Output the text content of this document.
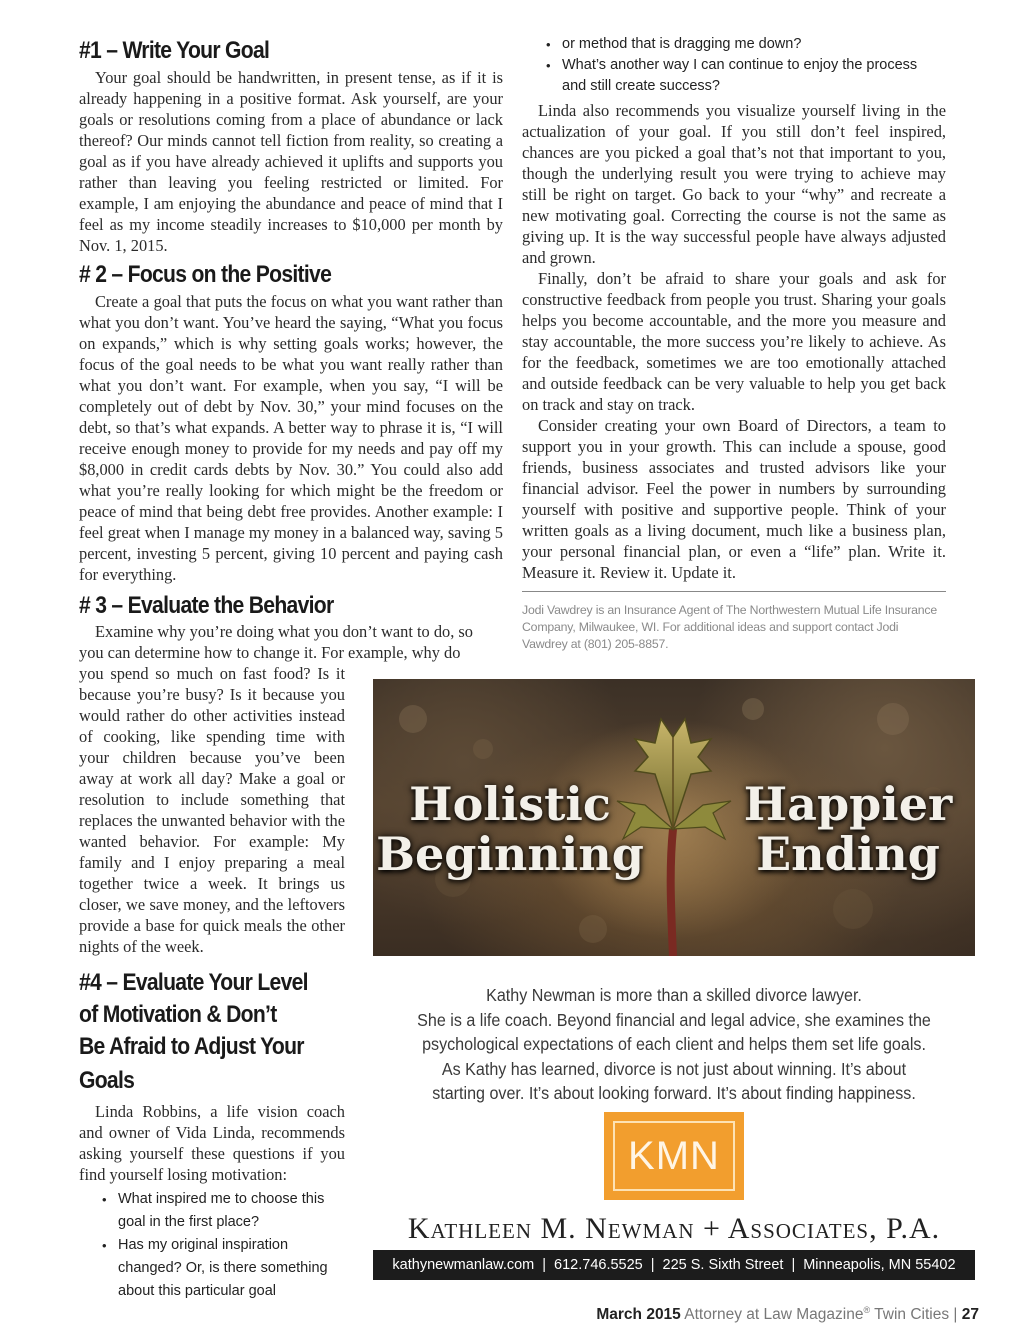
#1 – Write Your Goal

Your goal should be handwritten, in present tense, as if it is already happening in a positive format. Ask yourself, are your goals or resolutions coming from a place of abundance or lack thereof? Our minds cannot tell fiction from reality, so creating a goal as if you have already achieved it uplifts and supports you rather than leaving you feeling restricted or limited. For example, I am enjoying the abundance and peace of mind that I feel as my income steadily increases to $10,000 per month by Nov. 1, 2015.

# 2 – Focus on the Positive

Create a goal that puts the focus on what you want rather than what you don’t want. You’ve heard the saying, “What you focus on expands,” which is why setting goals works; however, the focus of the goal needs to be what you want really rather than what you don’t want. For example, when you say, “I will be completely out of debt by Nov. 30,” your mind focuses on the debt, so that’s what expands. A better way to phrase it is, “I will receive enough money to provide for my needs and pay off my $8,000 in credit cards debts by Nov. 30.” You could also add what you’re really looking for which might be the freedom or peace of mind that being debt free provides. Another example: I feel great when I manage my money in a balanced way, saving 5 percent, investing 5 percent, giving 10 percent and paying cash for everything.

# 3 – Evaluate the Behavior
Examine why you’re doing what you don’t want to do, so
you can determine how to change it. For example, why do

you spend so much on fast food? Is it because you’re busy? Is it because you would rather do other activities instead of cooking, like spending time with your children because you’ve been away at work all day? Make a goal or resolution to include something that replaces the unwanted behavior with the wanted behavior. For example: My family and I enjoy preparing a meal together twice a week. It brings us closer, we save money, and the leftovers provide a base for quick meals the other nights of the week.

#4 – Evaluate Your Level
of Motivation & Don’t
Be Afraid to Adjust Your
Goals

Linda Robbins, a life vision coach and owner of Vida Linda, recommends asking yourself these questions if you find yourself losing motivation:

• What inspired me to choose this goal in the first place?
• Has my original inspiration changed? Or, is there something about this particular goal
• or method that is dragging me down?
• What’s another way I can continue to enjoy the process and still create success?

Linda also recommends you visualize yourself living in the actualization of your goal. If you still don’t feel inspired, chances are you picked a goal that’s not that important to you, though the underlying result you were trying to achieve may still be right on target. Go back to your “why” and recreate a new motivating goal. Correcting the course is not the same as giving up. It is the way successful people have always adjusted and grown.

Finally, don’t be afraid to share your goals and ask for constructive feedback from people you trust. Sharing your goals helps you become accountable, and the more you measure and stay accountable, the more success you’re likely to achieve. As for the feedback, sometimes we are too emotionally attached and outside feedback can be very valuable to help you get back on track and stay on track.

Consider creating your own Board of Directors, a team to support you in your growth. This can include a spouse, good friends, business associates and trusted advisors like your financial advisor. Feel the power in numbers by surrounding yourself with positive and supportive people. Think of your written goals as a living document, much like a business plan, your personal financial plan, or even a “life” plan. Write it. Measure it. Review it. Update it.

Jodi Vawdrey is an Insurance Agent of The Northwestern Mutual Life Insurance Company, Milwaukee, WI. For additional ideas and support contact Jodi Vawdrey at (801) 205-8857.

Holistic
Beginning
Happier
Ending
Kathy Newman is more than a skilled divorce lawyer.
She is a life coach. Beyond financial and legal advice, she examines the
psychological expectations of each client and helps them set life goals.
As Kathy has learned, divorce is not just about winning. It’s about
starting over. It’s about looking forward. It’s about finding happiness.
KMN
Kathleen M. Newman + Associates, P.A.
kathynewmanlaw.com | 612.746.5525 | 225 S. Sixth Street | Minneapolis, MN 55402
March 2015 Attorney at Law Magazine® Twin Cities | 27
